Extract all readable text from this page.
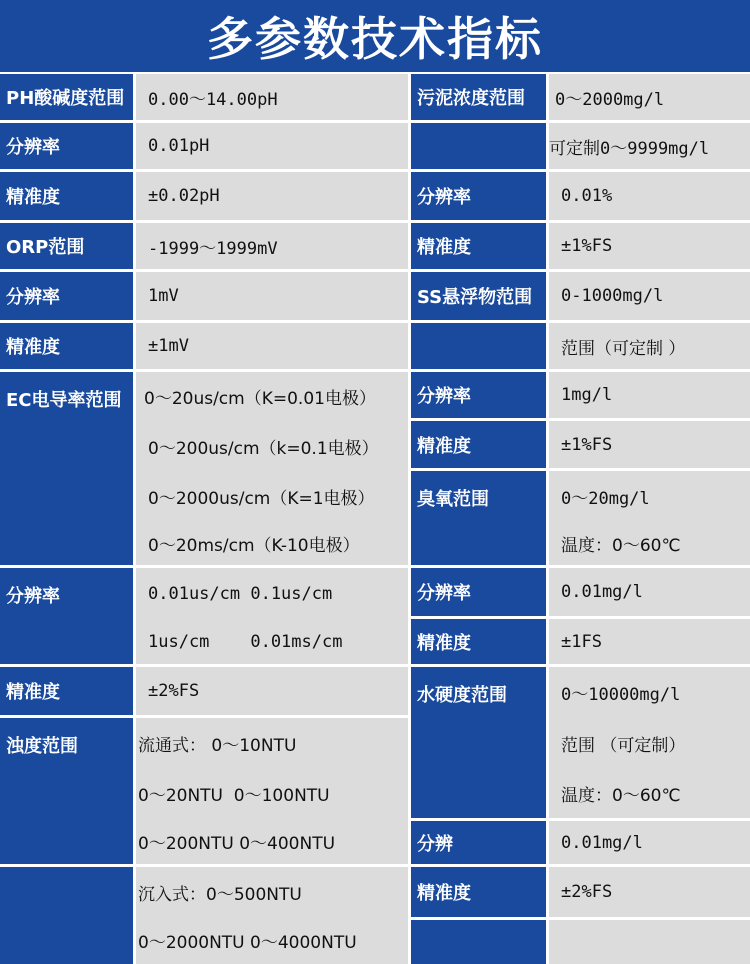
多参数技术指标
PH酸碱度范围
分辨率
精准度
ORP范围
分辨率
精准度
EC电导率范围
分辨率
精准度
浊度范围
0.00～14.00pH
0.01pH
±0.02pH
-1999～1999mV
1mV
±1mV
0～20us/cm（K=0.01电极）
0～200us/cm（k=0.1电极）
0～2000us/cm（K=1电极）
0～20ms/cm（K-10电极）
0.01us/cm 0.1us/cm
1us/cm    0.01ms/cm
±2%FS
流通式： 0～10NTU
0～20NTU  0～100NTU
0～200NTU 0～400NTU
沉入式：0～500NTU
0～2000NTU 0～4000NTU
污泥浓度范围
分辨率
精准度
SS悬浮物范围
分辨率
精准度
臭氧范围
分辨率
精准度
水硬度范围
分辨
精准度
0～2000mg/l
可定制0～9999mg/l
0.01%
±1%FS
0-1000mg/l
范围（可定制 ）
1mg/l
±1%FS
0～20mg/l
温度：0～60℃
0.01mg/l
±1FS
0～10000mg/l
范围 （可定制）
温度：0～60℃
0.01mg/l
±2%FS
